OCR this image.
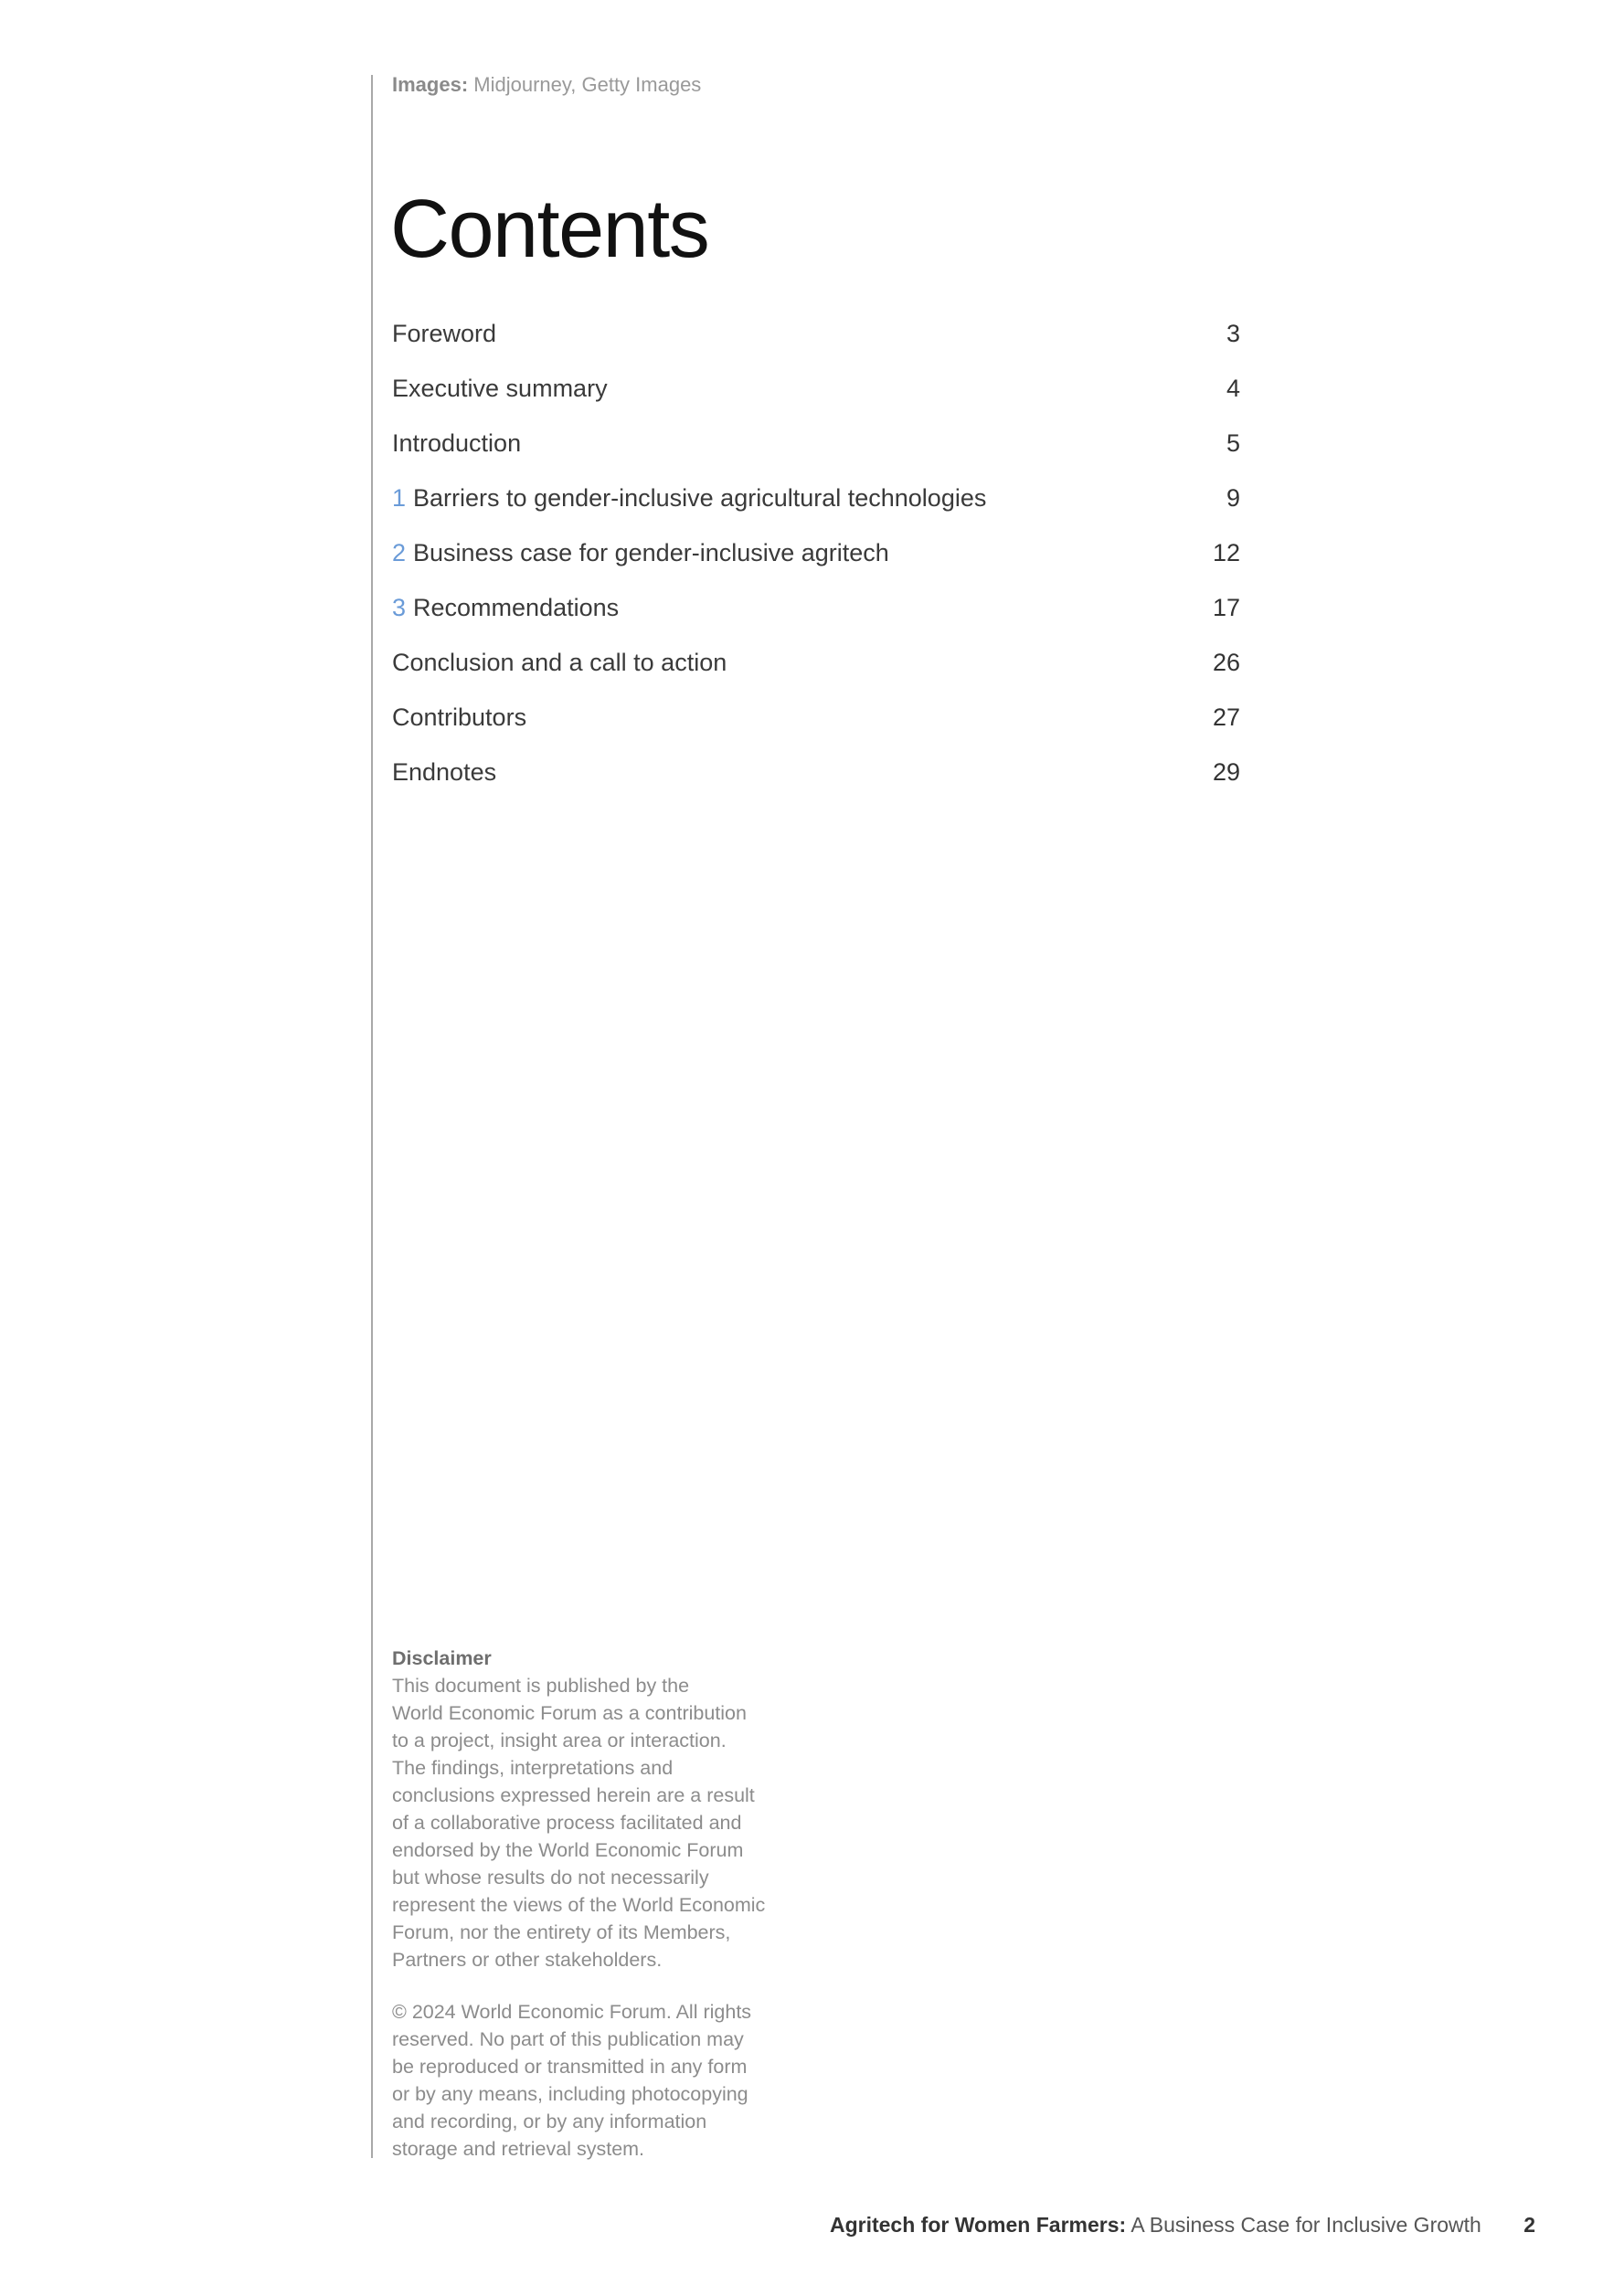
Images: Midjourney, Getty Images
Contents
Foreword	3
Executive summary	4
Introduction	5
1 Barriers to gender-inclusive agricultural technologies	9
2 Business case for gender-inclusive agritech	12
3 Recommendations	17
Conclusion and a call to action	26
Contributors	27
Endnotes	29
Disclaimer

This document is published by the
World Economic Forum as a contribution
to a project, insight area or interaction.
The findings, interpretations and
conclusions expressed herein are a result
of a collaborative process facilitated and
endorsed by the World Economic Forum
but whose results do not necessarily
represent the views of the World Economic
Forum, nor the entirety of its Members,
Partners or other stakeholders.

© 2024 World Economic Forum. All rights
reserved. No part of this publication may
be reproduced or transmitted in any form
or by any means, including photocopying
and recording, or by any information
storage and retrieval system.

Agritech for Women Farmers: A Business Case for Inclusive Growth 2
